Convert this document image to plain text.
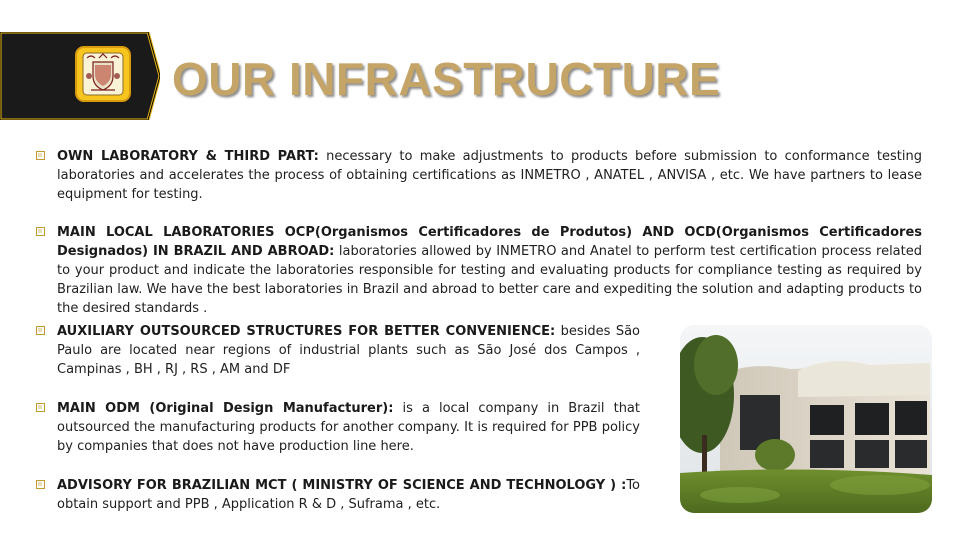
OUR INFRASTRUCTURE
OWN LABORATORY & THIRD PART: necessary to make adjustments to products before submission to conformance testing laboratories and accelerates the process of obtaining certifications as INMETRO , ANATEL , ANVISA , etc. We have partners to lease equipment for testing.
MAIN LOCAL LABORATORIES OCP(Organismos Certificadores de Produtos) AND OCD(Organismos Certificadores Designados) IN BRAZIL AND ABROAD: laboratories allowed by INMETRO and Anatel to perform test certification process related to your product and indicate the laboratories responsible for testing and evaluating products for compliance testing as required by Brazilian law. We have the best laboratories in Brazil and abroad to better care and expediting the solution and adapting products to the desired standards .
AUXILIARY OUTSOURCED STRUCTURES FOR BETTER CONVENIENCE: besides São Paulo are located near regions of industrial plants such as São José dos Campos , Campinas , BH , RJ , RS , AM and DF
MAIN ODM (Original Design Manufacturer): is a local company in Brazil that outsourced the manufacturing products for another company. It is required for PPB policy by companies that does not have production line here.
ADVISORY FOR BRAZILIAN MCT ( MINISTRY OF SCIENCE AND TECHNOLOGY ) :To obtain support and PPB , Application R & D , Suframa , etc.
